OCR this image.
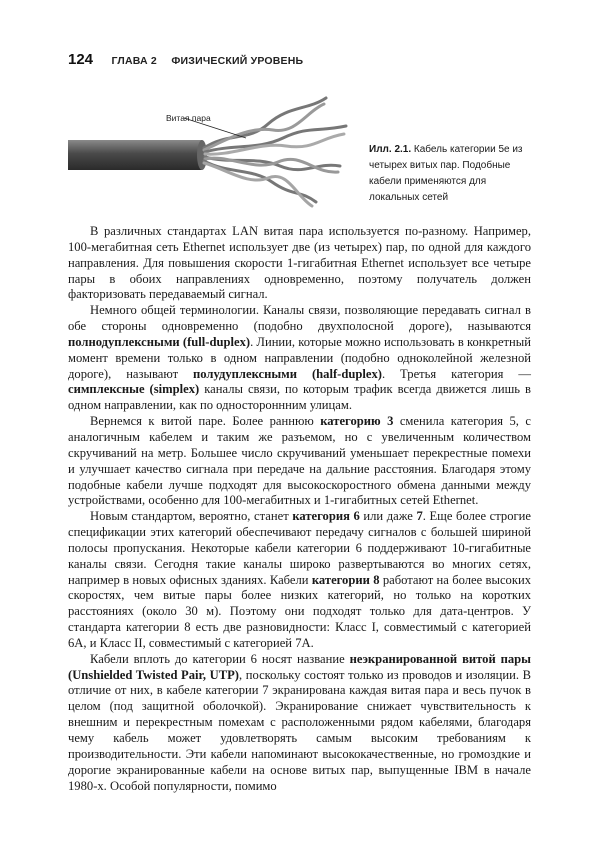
124 ГЛАВА 2 ФИЗИЧЕСКИЙ УРОВЕНЬ
Витая пара
Илл. 2.1. Кабель категории 5е из четырех витых пар. Подобные кабели применяются для локальных сетей

В различных стандартах LAN витая пара используется по-разному. Например, 100-мегабитная сеть Ethernet использует две (из четырех) пар, по одной для каждого направления. Для повышения скорости 1-гигабитная Ethernet использует все четыре пары в обоих направлениях одновременно, поэтому получатель должен факторизовать передаваемый сигнал.

Немного общей терминологии. Каналы связи, позволяющие передавать сигнал в обе стороны одновременно (подобно двухполосной дороге), называются полнодуплексными (full-duplex). Линии, которые можно использовать в конкретный момент времени только в одном направлении (подобно одноколейной железной дороге), называют полудуплексными (half-duplex). Третья категория — симплексные (simplex) каналы связи, по которым трафик всегда движется лишь в одном направлении, как по одностороннним улицам.

Вернемся к витой паре. Более раннюю категорию 3 сменила категория 5, с аналогичным кабелем и таким же разъемом, но с увеличенным количеством скручиваний на метр. Большее число скручиваний уменьшает перекрестные помехи и улучшает качество сигнала при передаче на дальние расстояния. Благодаря этому подобные кабели лучше подходят для высокоскоростного обмена данными между устройствами, особенно для 100-мегабитных и 1-гигабитных сетей Ethernet.

Новым стандартом, вероятно, станет категория 6 или даже 7. Еще более строгие спецификации этих категорий обеспечивают передачу сигналов с большей шириной полосы пропускания. Некоторые кабели категории 6 поддерживают 10-гигабитные каналы связи. Сегодня такие каналы широко развертываются во многих сетях, например в новых офисных зданиях. Кабели категории 8 работают на более высоких скоростях, чем витые пары более низких категорий, но только на коротких расстояниях (около 30 м). Поэтому они подходят только для дата-центров. У стандарта категории 8 есть две разновидности: Класс I, совместимый с категорией 6А, и Класс II, совместимый с категорией 7А.

Кабели вплоть до категории 6 носят название неэкранированной витой пары (Unshielded Twisted Pair, UTP), поскольку состоят только из проводов и изоляции. В отличие от них, в кабеле категории 7 экранирована каждая витая пара и весь пучок в целом (под защитной оболочкой). Экранирование снижает чувствительность к внешним и перекрестным помехам с расположенными рядом кабелями, благодаря чему кабель может удовлетворять самым высоким требованиям к производительности. Эти кабели напоминают высококачественные, но громоздкие и дорогие экранированные кабели на основе витых пар, выпущенные IBM в начале 1980-х. Особой популярности, помимо
